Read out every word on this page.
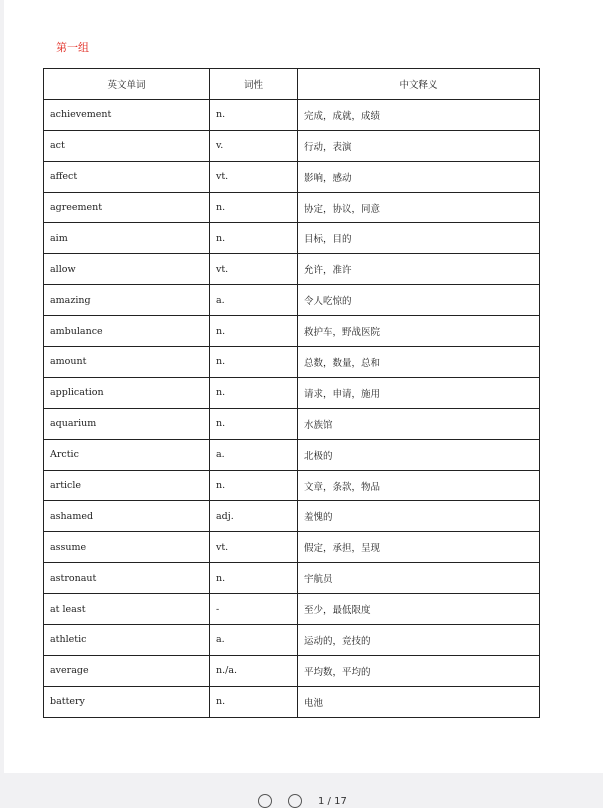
第一组
英文单词	词性	中文释义
achievement	n.	完成，成就，成绩
act	v.	行动，表演
affect	vt.	影响，感动
agreement	n.	协定，协议，同意
aim	n.	目标，目的
allow	vt.	允许，准许
amazing	a.	令人吃惊的
ambulance	n.	救护车，野战医院
amount	n.	总数，数量，总和
application	n.	请求，申请，施用
aquarium	n.	水族馆
Arctic	a.	北极的
article	n.	文章，条款，物品
ashamed	adj.	羞愧的
assume	vt.	假定，承担，呈现
astronaut	n.	宇航员
at least	-	至少，最低限度
athletic	a.	运动的，竞技的
average	n./a.	平均数，平均的
battery	n.	电池
1 / 17
